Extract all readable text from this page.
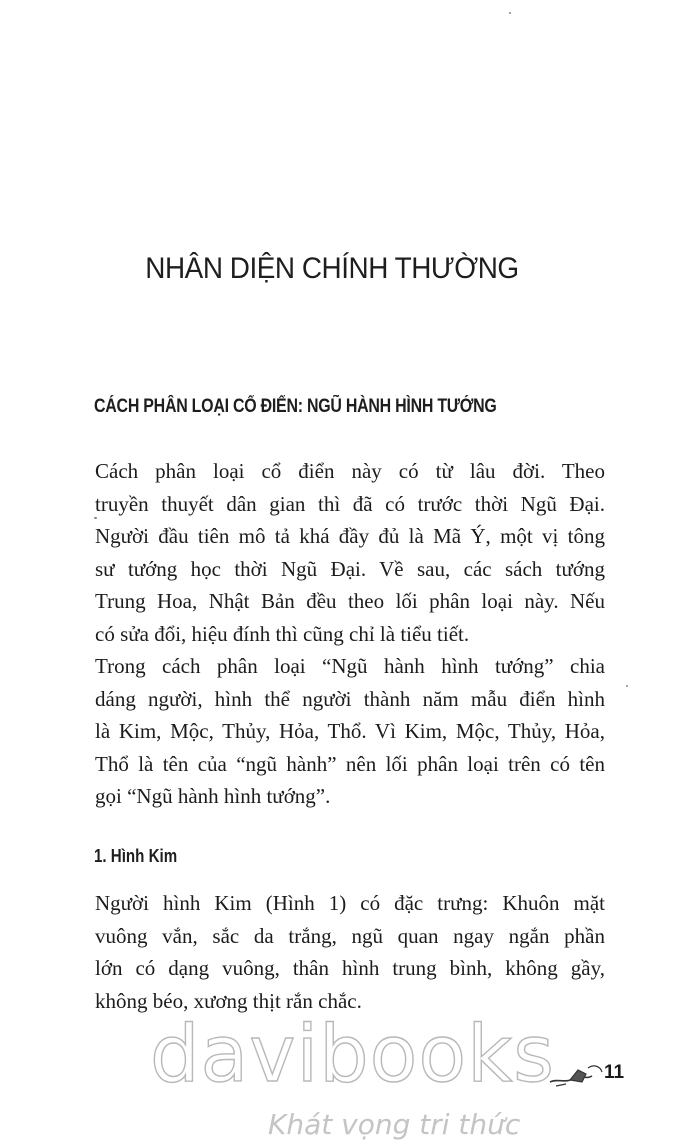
NHÂN DIỆN CHÍNH THƯỜNG
CÁCH PHÂN LOẠI CỔ ĐIỂN: NGŨ HÀNH HÌNH TƯỚNG

Cách phân loại cổ điển này có từ lâu đời. Theo
truyền thuyết dân gian thì đã có trước thời Ngũ Đại.
Người đầu tiên mô tả khá đầy đủ là Mã Ý, một vị tông
sư tướng học thời Ngũ Đại. Về sau, các sách tướng
Trung Hoa, Nhật Bản đều theo lối phân loại này. Nếu
có sửa đổi, hiệu đính thì cũng chỉ là tiểu tiết.

Trong cách phân loại “Ngũ hành hình tướng” chia
dáng người, hình thể người thành năm mẫu điển hình
là Kim, Mộc, Thủy, Hỏa, Thổ. Vì Kim, Mộc, Thủy, Hỏa,
Thổ là tên của “ngũ hành” nên lối phân loại trên có tên
gọi “Ngũ hành hình tướng”.

1. Hình Kim

Người hình Kim (Hình 1) có đặc trưng: Khuôn mặt
vuông vắn, sắc da trắng, ngũ quan ngay ngắn phần
lớn có dạng vuông, thân hình trung bình, không gầy,
không béo, xương thịt rắn chắc.

davibooks
Khát vọng tri thức
11
